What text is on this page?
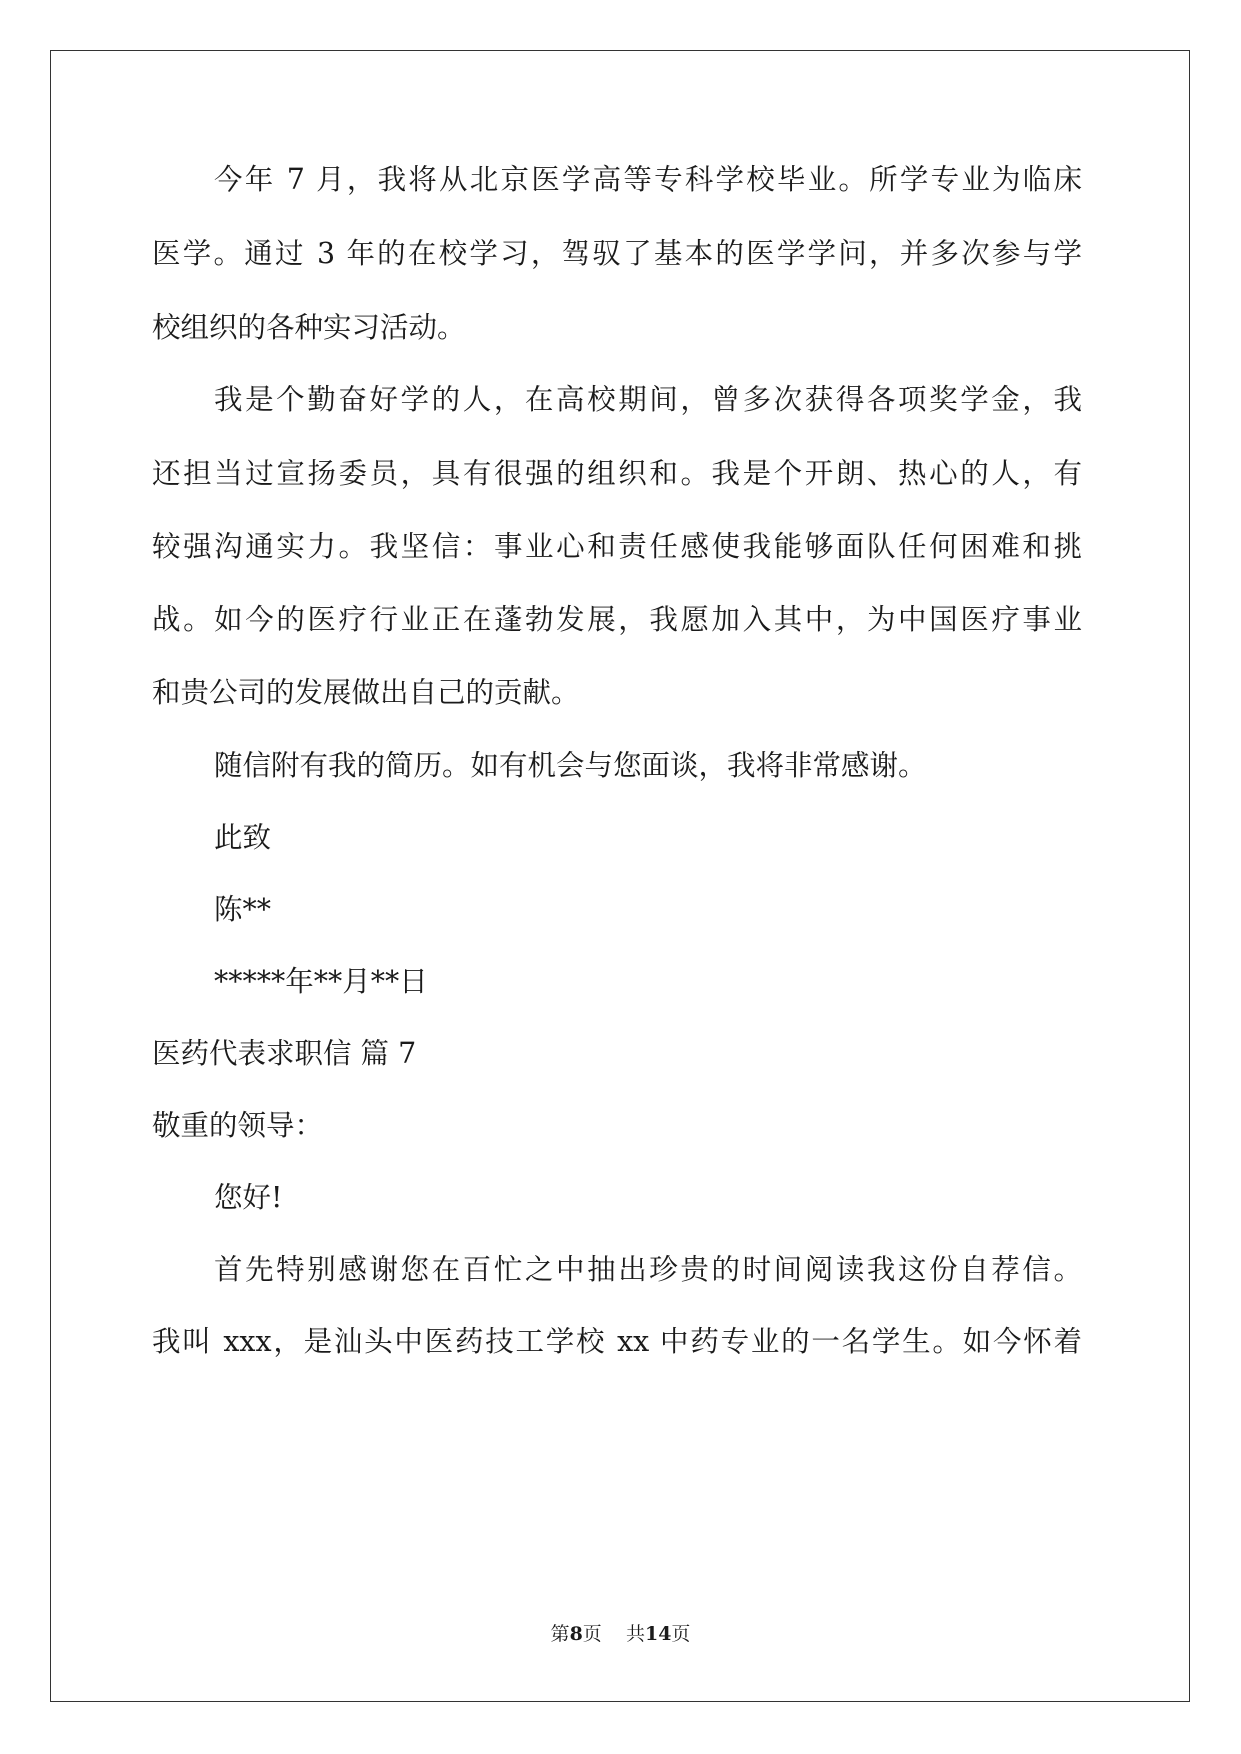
今年 7 月，我将从北京医学高等专科学校毕业。所学专业为临床
医学。通过 3 年的在校学习，驾驭了基本的医学学问，并多次参与学
校组织的各种实习活动。
我是个勤奋好学的人，在高校期间，曾多次获得各项奖学金，我
还担当过宣扬委员，具有很强的组织和。我是个开朗、热心的人，有
较强沟通实力。我坚信：事业心和责任感使我能够面队任何困难和挑
战。如今的医疗行业正在蓬勃发展，我愿加入其中，为中国医疗事业
和贵公司的发展做出自己的贡献。
随信附有我的简历。如有机会与您面谈，我将非常感谢。
此致
陈**
*****年**月**日
医药代表求职信 篇 7
敬重的领导：
您好!
首先特别感谢您在百忙之中抽出珍贵的时间阅读我这份自荐信。
我叫 xxx，是汕头中医药技工学校 xx 中药专业的一名学生。如今怀着
第8页    共14页
